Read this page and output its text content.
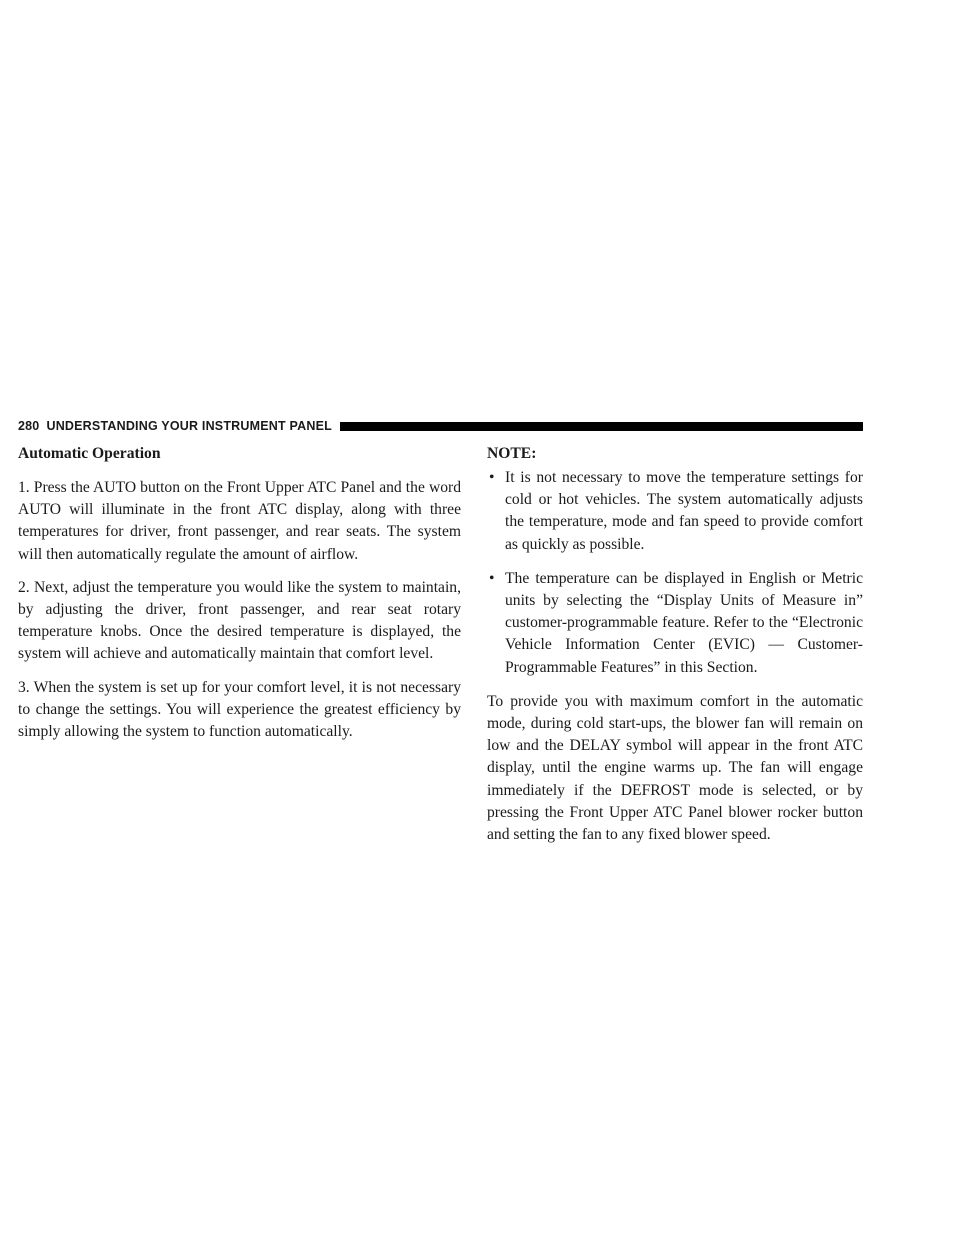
280 UNDERSTANDING YOUR INSTRUMENT PANEL
Automatic Operation

1. Press the AUTO button on the Front Upper ATC Panel and the word AUTO will illuminate in the front ATC display, along with three temperatures for driver, front passenger, and rear seats. The system will then automatically regulate the amount of airflow.

2. Next, adjust the temperature you would like the system to maintain, by adjusting the driver, front passenger, and rear seat rotary temperature knobs. Once the desired temperature is displayed, the system will achieve and automatically maintain that comfort level.

3. When the system is set up for your comfort level, it is not necessary to change the settings. You will experience the greatest efficiency by simply allowing the system to function automatically.

NOTE:
• It is not necessary to move the temperature settings for cold or hot vehicles. The system automatically adjusts the temperature, mode and fan speed to provide comfort as quickly as possible.
• The temperature can be displayed in English or Metric units by selecting the “Display Units of Measure in” customer-programmable feature. Refer to the “Electronic Vehicle Information Center (EVIC) — Customer-Programmable Features” in this Section.

To provide you with maximum comfort in the automatic mode, during cold start-ups, the blower fan will remain on low and the DELAY symbol will appear in the front ATC display, until the engine warms up. The fan will engage immediately if the DEFROST mode is selected, or by pressing the Front Upper ATC Panel blower rocker button and setting the fan to any fixed blower speed.
